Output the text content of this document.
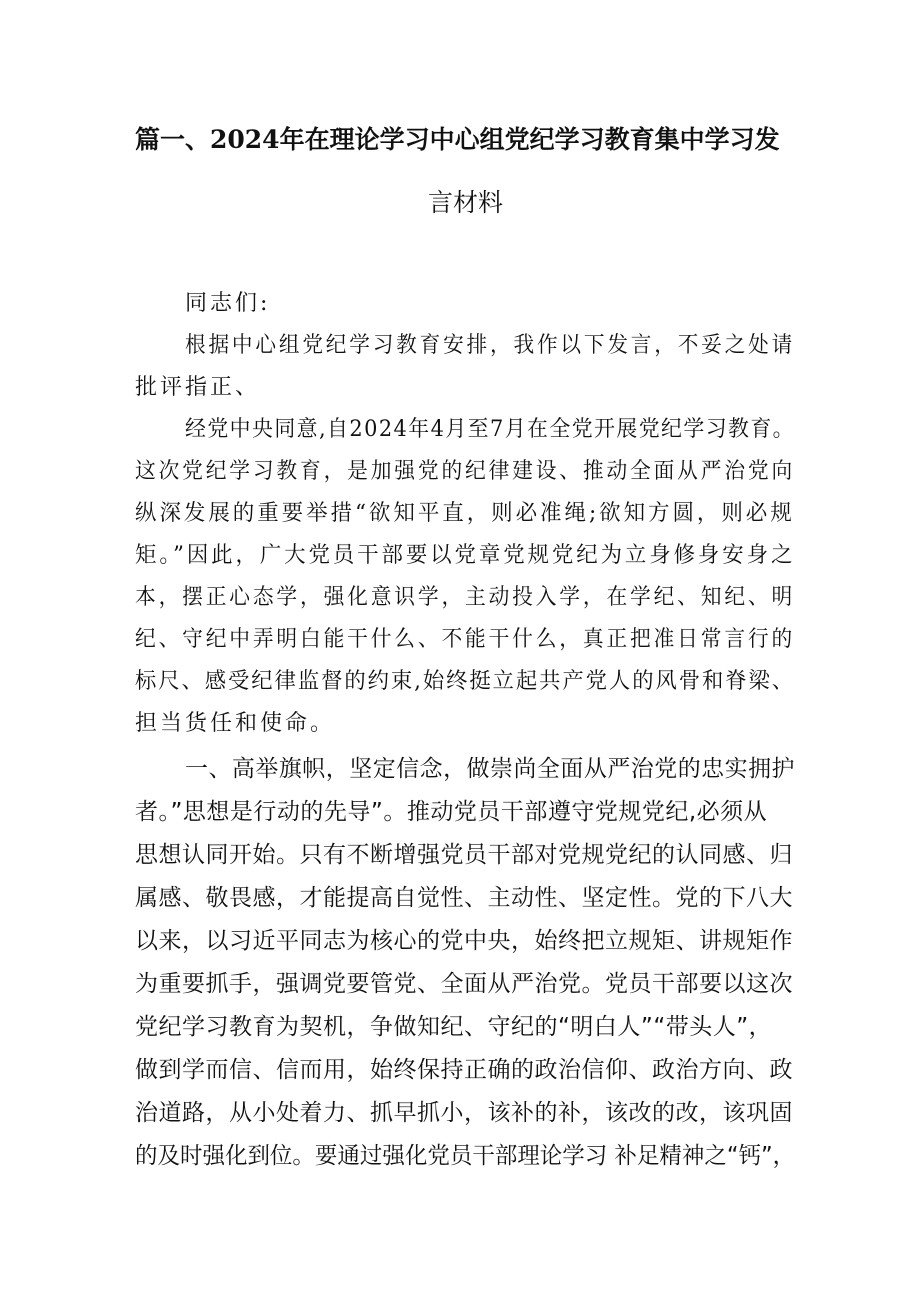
篇一、2024年在理论学习中心组党纪学习教育集中学习发
言材料
同志们:
根据中心组党纪学习教育安排，我作以下发言，不妥之处请
批评指正、
经党中央同意,自2024年4月至7月在全党开展党纪学习教育。
这次党纪学习教育，是加强党的纪律建设、推动全面从严治党向
纵深发展的重要举措“欲知平直，则必准绳;欲知方圆，则必规
矩。”因此，广大党员干部要以党章党规党纪为立身修身安身之
本，摆正心态学，强化意识学，主动投入学，在学纪、知纪、明
纪、守纪中弄明白能干什么、不能干什么，真正把准日常言行的
标尺、感受纪律监督的约束,始终挺立起共产党人的风骨和脊梁、
担当货任和使命。
一、高举旗帜，坚定信念，做崇尚全面从严治党的忠实拥护
者。”思想是行动的先导”。推动党员干部遵守党规党纪,必须从
思想认同开始。只有不断增强党员干部对党规党纪的认同感、归
属感、敬畏感，才能提高自觉性、主动性、坚定性。党的下八大
以来，以习近平同志为核心的党中央，始终把立规矩、讲规矩作
为重要抓手，强调党要管党、全面从严治党。党员干部要以这次
党纪学习教育为契机，争做知纪、守纪的“明白人”“带头人”，
做到学而信、信而用，始终保持正确的政治信仰、政治方向、政
治道路，从小处着力、抓早抓小，该补的补，该改的改，该巩固
的及时强化到位。要通过强化党员干部理论学习 补足精神之“钙”，
